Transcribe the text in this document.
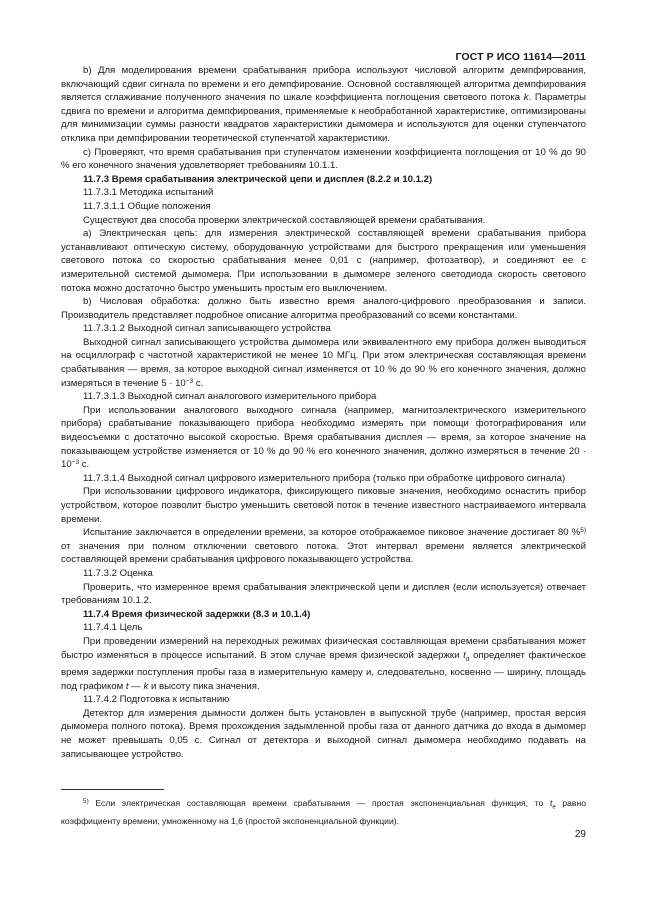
ГОСТ Р ИСО 11614—2011

b) Для моделирования времени срабатывания прибора используют числовой алгоритм демпфирования, включающий сдвиг сигнала по времени и его демпфирование. Основной составляющей алгоритма демпфирования является сглаживание полученного значения по шкале коэффициента поглощения светового потока k. Параметры сдвига по времени и алгоритма демпфирования, применяемые к необработанной характеристике, оптимизированы для минимизации суммы разности квадратов характеристики дымомера и используются для оценки ступенчатого отклика при демпфировании теоретической ступенчатой характеристики.

c) Проверяют, что время срабатывания при ступенчатом изменении коэффициента поглощения от 10 % до 90 % его конечного значения удовлетворяет требованиям 10.1.1.

11.7.3 Время срабатывания электрической цепи и дисплея (8.2.2 и 10.1.2)

11.7.3.1 Методика испытаний

11.7.3.1.1 Общие положения

Существуют два способа проверки электрической составляющей времени срабатывания.

а) Электрическая цепь: для измерения электрической составляющей времени срабатывания прибора устанавливают оптическую систему, оборудованную устройствами для быстрого прекращения или уменьшения светового потока со скоростью срабатывания менее 0,01 с (например, фотозатвор), и соединяют ее с измерительной системой дымомера. При использовании в дымомере зеленого светодиода скорость светового потока можно достаточно быстро уменьшить простым его выключением.

b) Числовая обработка: должно быть известно время аналого-цифрового преобразования и записи. Производитель представляет подробное описание алгоритма преобразований со всеми константами.

11.7.3.1.2 Выходной сигнал записывающего устройства

Выходной сигнал записывающего устройства дымомера или эквивалентного ему прибора должен выводиться на осциллограф с частотной характеристикой не менее 10 МГц. При этом электрическая составляющая времени срабатывания — время, за которое выходной сигнал изменяется от 10 % до 90 % его конечного значения, должно измеряться в течение $5 \cdot 10^{-3}$ с.

11.7.3.1.3 Выходной сигнал аналогового измерительного прибора

При использовании аналогового выходного сигнала (например, магнитоэлектрического измерительного прибора) срабатывание показывающего прибора необходимо измерять при помощи фотографирования или видеосъемки с достаточно высокой скоростью. Время срабатывания дисплея — время, за которое значение на показывающем устройстве изменяется от 10 % до 90 % его конечного значения, должно измеряться в течение $20 \cdot 10^{-3}$ с.

11.7.3.1.4 Выходной сигнал цифрового измерительного прибора (только при обработке цифрового сигнала)

При использовании цифрового индикатора, фиксирующего пиковые значения, необходимо оснастить прибор устройством, которое позволит быстро уменьшить световой поток в течение известного настраиваемого интервала времени.

Испытание заключается в определении времени, за которое отображаемое пиковое значение достигает 80 %$^{5)}$ от значения при полном отключении светового потока. Этот интервал времени является электрической составляющей времени срабатывания цифрового показывающего устройства.

11.7.3.2 Оценка

Проверить, что измеренное время срабатывания электрической цепи и дисплея (если используется) отвечает требованиям 10.1.2.

11.7.4 Время физической задержки (8.3 и 10.1.4)

11.7.4.1 Цель

При проведении измерений на переходных режимах физическая составляющая времени срабатывания может быстро изменяться в процессе испытаний. В этом случае время физической задержки $t_d$ определяет фактическое время задержки поступления пробы газа в измерительную камеру и, следовательно, косвенно — ширину, площадь под графиком t — k и высоту пика значения.

11.7.4.2 Подготовка к испытанию

Детектор для измерения дымности должен быть установлен в выпускной трубе (например, простая версия дымомера полного потока). Время прохождения задымленной пробы газа от данного датчика до входа в дымомер не может превышать 0,05 с. Сигнал от детектора и выходной сигнал дымомера необходимо подавать на записывающее устройство.

$^{5)}$ Если электрическая составляющая времени срабатывания — простая экспоненциальная функция, то $t_e$ равно коэффициенту времени, умноженному на 1,6 (простой экспоненциальной функции).

29
